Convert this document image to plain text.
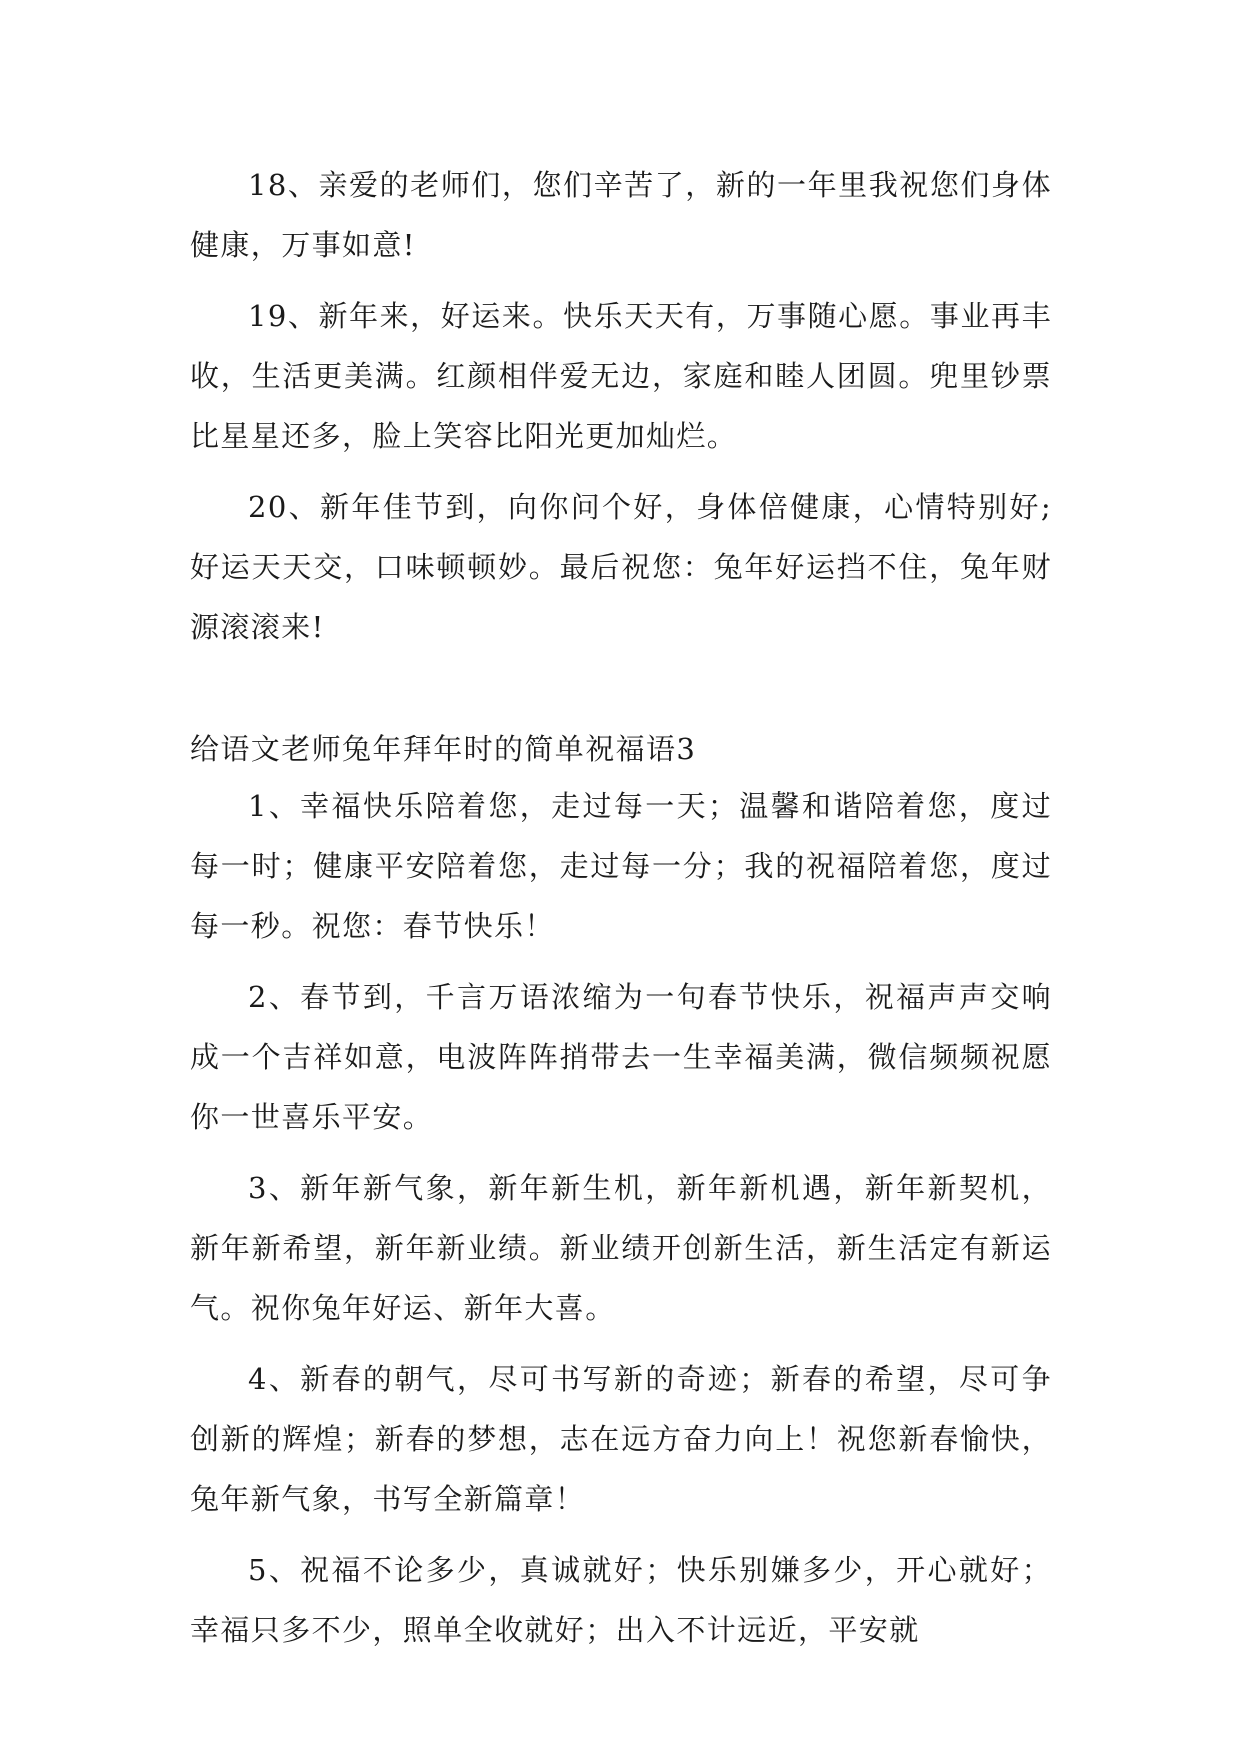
18、亲爱的老师们，您们辛苦了，新的一年里我祝您们身体健康，万事如意!

19、新年来，好运来。快乐天天有，万事随心愿。事业再丰收，生活更美满。红颜相伴爱无边，家庭和睦人团圆。兜里钞票比星星还多，脸上笑容比阳光更加灿烂。

20、新年佳节到，向你问个好，身体倍健康，心情特别好;好运天天交，口味顿顿妙。最后祝您：兔年好运挡不住，兔年财源滚滚来!

给语文老师兔年拜年时的简单祝福语3

1、幸福快乐陪着您，走过每一天；温馨和谐陪着您，度过每一时；健康平安陪着您，走过每一分；我的祝福陪着您，度过每一秒。祝您：春节快乐！

2、春节到，千言万语浓缩为一句春节快乐，祝福声声交响成一个吉祥如意，电波阵阵捎带去一生幸福美满，微信频频祝愿你一世喜乐平安。

3、新年新气象，新年新生机，新年新机遇，新年新契机，新年新希望，新年新业绩。新业绩开创新生活，新生活定有新运气。祝你兔年好运、新年大喜。

4、新春的朝气，尽可书写新的奇迹；新春的希望，尽可争创新的辉煌；新春的梦想，志在远方奋力向上！祝您新春愉快，兔年新气象，书写全新篇章！

5、祝福不论多少，真诚就好；快乐别嫌多少，开心就好；幸福只多不少，照单全收就好；出入不计远近，平安就
